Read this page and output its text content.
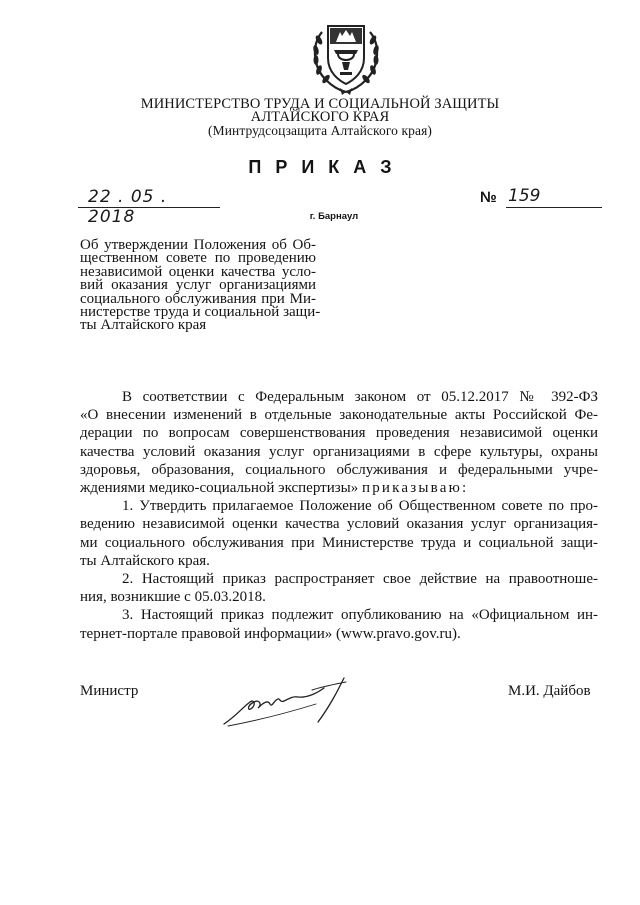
МИНИСТЕРСТВО ТРУДА И СОЦИАЛЬНОЙ ЗАЩИТЫ
АЛТАЙСКОГО КРАЯ
(Минтрудсоцзащита Алтайского края)
ПРИКАЗ
22 . 05 . 2018
№ 159
г. Барнаул
Об утверждении Положения об Об-
щественном совете по проведению
независимой оценки качества усло-
вий оказания услуг организациями
социального обслуживания при Ми-
нистерстве труда и социальной защи-
ты Алтайского края
В соответствии с Федеральным законом от 05.12.2017 № 392-ФЗ
«О внесении изменений в отдельные законодательные акты Российской Фе-
дерации по вопросам совершенствования проведения независимой оценки
качества условий оказания услуг организациями в сфере культуры, охраны
здоровья, образования, социального обслуживания и федеральными учре-
ждениями медико-социальной экспертизы» приказываю:
1. Утвердить прилагаемое Положение об Общественном совете по про-
ведению независимой оценки качества условий оказания услуг организация-
ми социального обслуживания при Министерстве труда и социальной защи-
ты Алтайского края.
2. Настоящий приказ распространяет свое действие на правоотноше-
ния, возникшие с 05.03.2018.
3. Настоящий приказ подлежит опубликованию на «Официальном ин-
тернет-портале правовой информации» (www.pravo.gov.ru).
Министр	М.И. Дайбов
